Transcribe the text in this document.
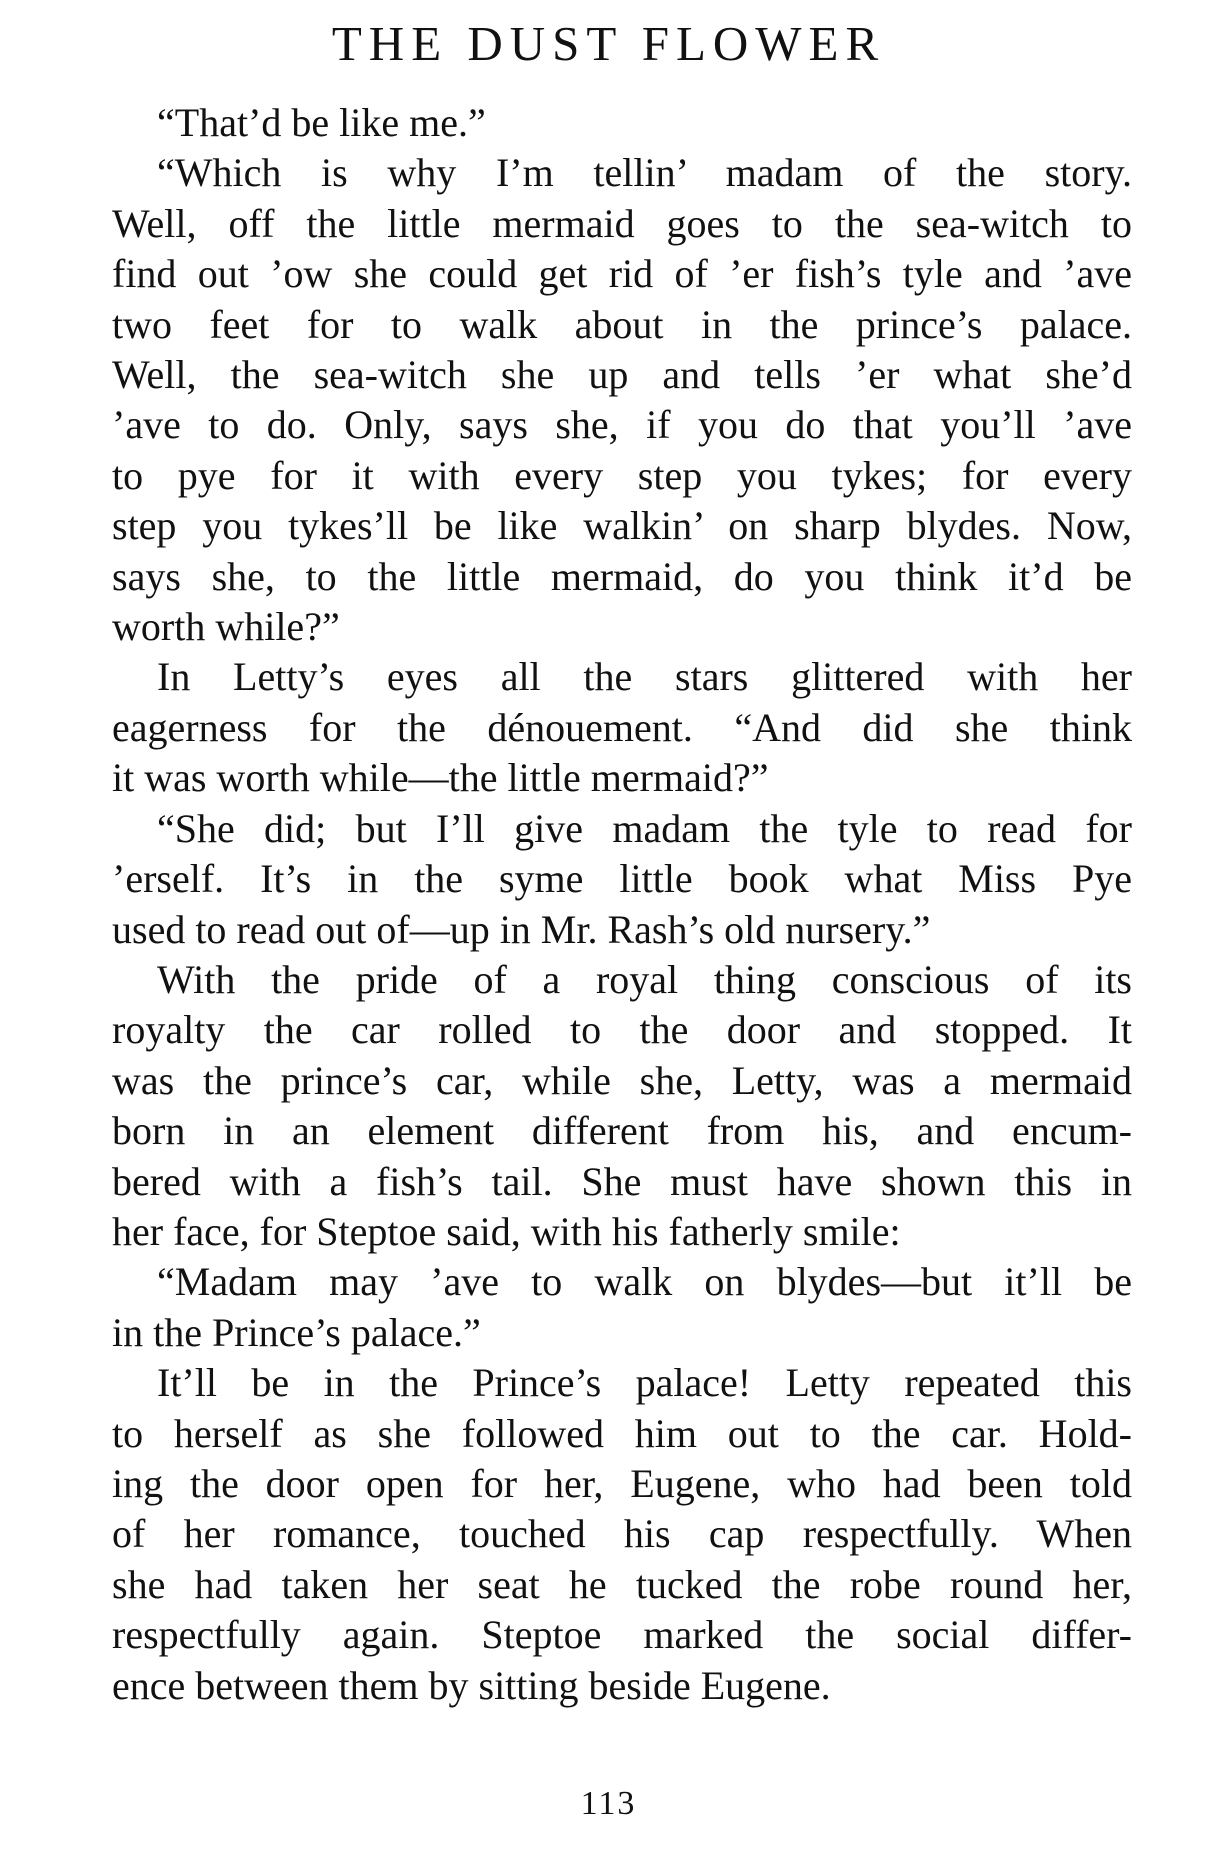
THE DUST FLOWER

“That’d be like me.”

“Which is why I’m tellin’ madam of the story.
Well, off the little mermaid goes to the sea-witch to
find out ’ow she could get rid of ’er fish’s tyle and ’ave
two feet for to walk about in the prince’s palace.
Well, the sea-witch she up and tells ’er what she’d
’ave to do. Only, says she, if you do that you’ll ’ave
to pye for it with every step you tykes; for every
step you tykes’ll be like walkin’ on sharp blydes. Now,
says she, to the little mermaid, do you think it’d be
worth while?”

In Letty’s eyes all the stars glittered with her
eagerness for the dénouement. “And did she think
it was worth while—the little mermaid?”

“She did; but I’ll give madam the tyle to read for
’erself. It’s in the syme little book what Miss Pye
used to read out of—up in Mr. Rash’s old nursery.”

With the pride of a royal thing conscious of its
royalty the car rolled to the door and stopped. It
was the prince’s car, while she, Letty, was a mermaid
born in an element different from his, and encum-
bered with a fish’s tail. She must have shown this in
her face, for Steptoe said, with his fatherly smile:

“Madam may ’ave to walk on blydes—but it’ll be
in the Prince’s palace.”

It’ll be in the Prince’s palace! Letty repeated this
to herself as she followed him out to the car. Hold-
ing the door open for her, Eugene, who had been told
of her romance, touched his cap respectfully. When
she had taken her seat he tucked the robe round her,
respectfully again. Steptoe marked the social differ-
ence between them by sitting beside Eugene.

113
